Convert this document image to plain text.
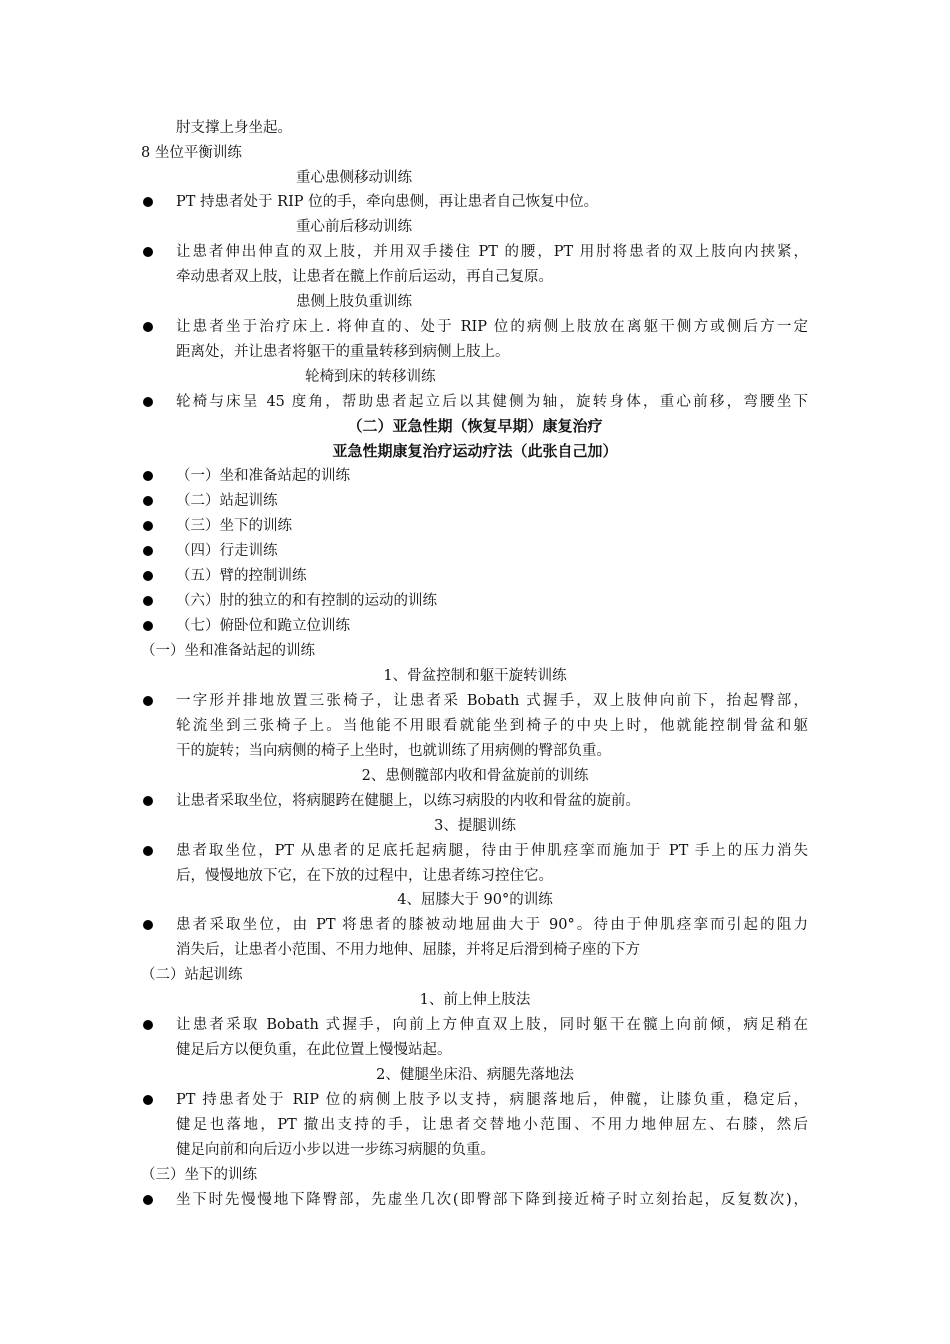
肘支撑上身坐起。
8 坐位平衡训练
重心患侧移动训练
PT 持患者处于 RIP 位的手，牵向患侧，再让患者自己恢复中位。
重心前后移动训练
让患者伸出伸直的双上肢，并用双手搂住 PT 的腰，PT 用肘将患者的双上肢向内挟紧，
牵动患者双上肢，让患者在髋上作前后运动，再自己复原。
患侧上肢负重训练
让患者坐于治疗床上. 将伸直的、处于 RIP 位的病侧上肢放在离躯干侧方或侧后方一定
距离处，并让患者将躯干的重量转移到病侧上肢上。
轮椅到床的转移训练
轮椅与床呈 45 度角，帮助患者起立后以其健侧为轴，旋转身体，重心前移，弯腰坐下
（二）亚急性期（恢复早期）康复治疗
亚急性期康复治疗运动疗法（此张自己加）
（一）坐和准备站起的训练
（二）站起训练
（三）坐下的训练
（四）行走训练
（五）臂的控制训练
（六）肘的独立的和有控制的运动的训练
（七）俯卧位和跪立位训练
（一）坐和准备站起的训练
1、骨盆控制和躯干旋转训练
一字形并排地放置三张椅子，让患者采 Bobath 式握手，双上肢伸向前下，抬起臀部，
轮流坐到三张椅子上。当他能不用眼看就能坐到椅子的中央上时，他就能控制骨盆和躯
干的旋转；当向病侧的椅子上坐时，也就训练了用病侧的臀部负重。
2、患侧髋部内收和骨盆旋前的训练
让患者采取坐位，将病腿跨在健腿上，以练习病股的内收和骨盆的旋前。
3、提腿训练
患者取坐位，PT 从患者的足底托起病腿，待由于伸肌痉挛而施加于 PT 手上的压力消失
后，慢慢地放下它，在下放的过程中，让患者练习控住它。
4、屈膝大于 90°的训练
患者采取坐位，由 PT 将患者的膝被动地屈曲大于 90°。待由于伸肌痉挛而引起的阻力
消失后，让患者小范围、不用力地伸、屈膝，并将足后滑到椅子座的下方
（二）站起训练
1、前上伸上肢法
让患者采取 Bobath 式握手，向前上方伸直双上肢，同时躯干在髋上向前倾，病足稍在
健足后方以便负重，在此位置上慢慢站起。
2、健腿坐床沿、病腿先落地法
PT 持患者处于 RIP 位的病侧上肢予以支持，病腿落地后，伸髋，让膝负重，稳定后，
健足也落地，PT 撤出支持的手，让患者交替地小范围、不用力地伸屈左、右膝，然后
健足向前和向后迈小步以进一步练习病腿的负重。
（三）坐下的训练
坐下时先慢慢地下降臀部，先虚坐几次(即臀部下降到接近椅子时立刻抬起，反复数次)，
